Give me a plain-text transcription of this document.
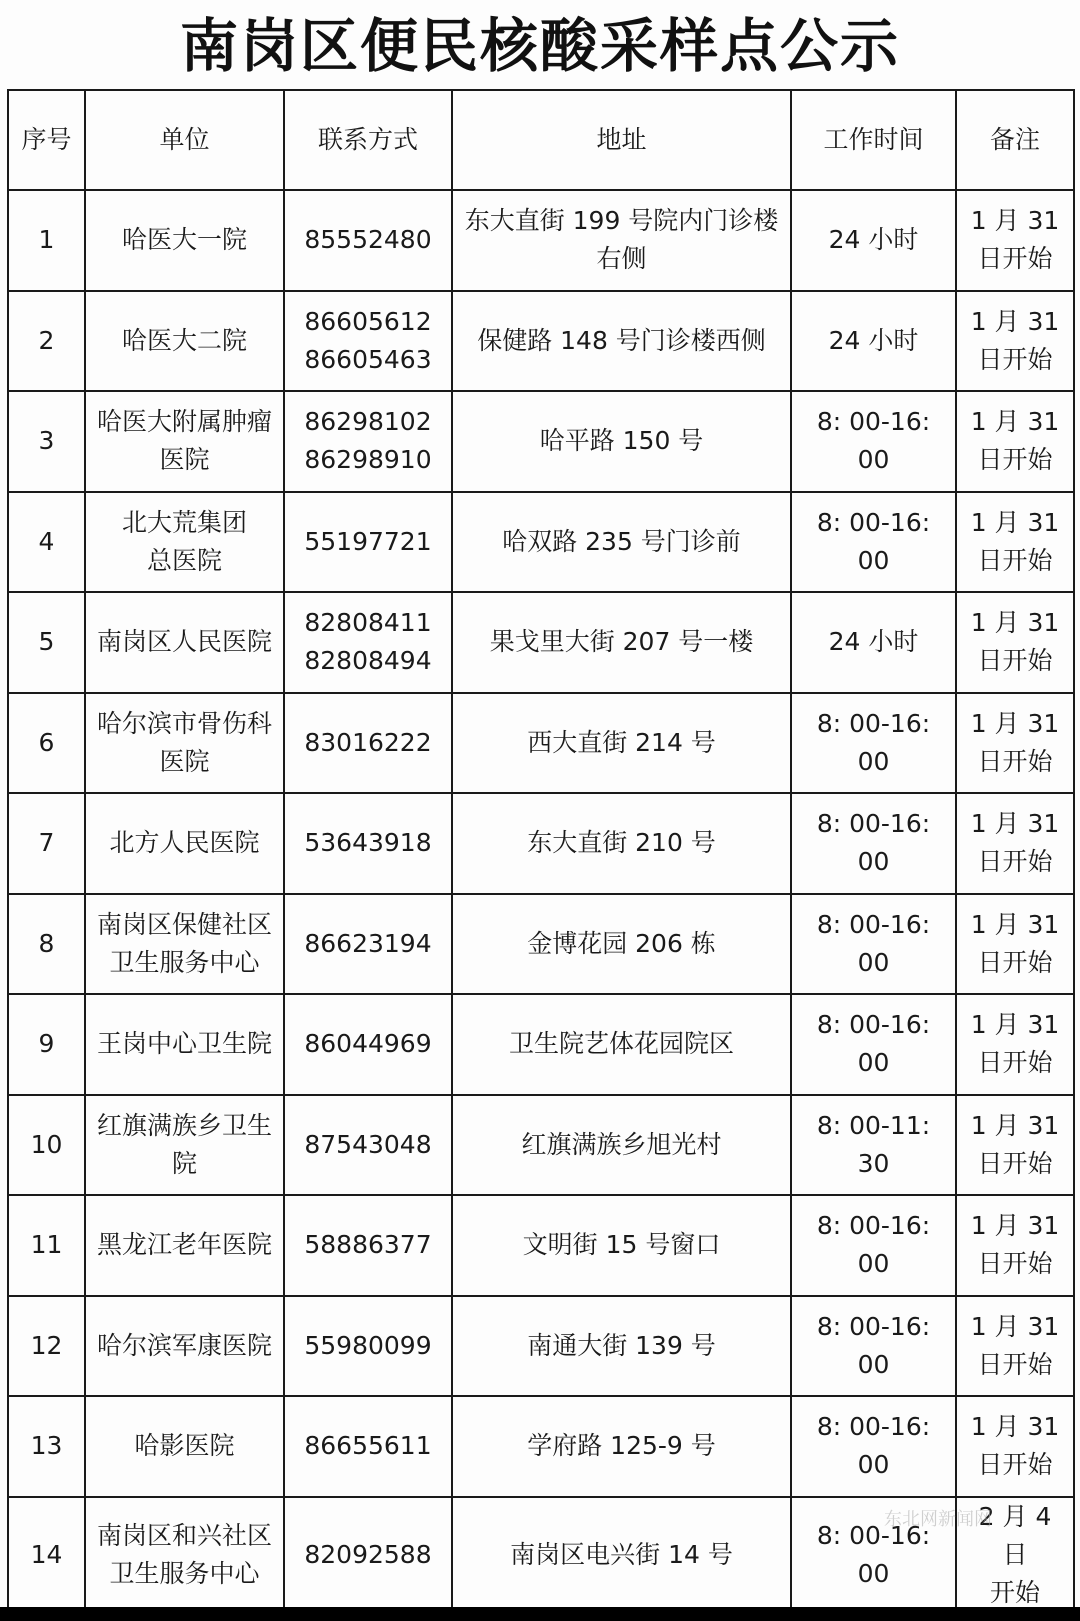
南岗区便民核酸采样点公示
序号	单位	联系方式	地址	工作时间	备注
1	哈医大一院	85552480	东大直街 199 号院内门诊楼
右侧	24 小时	1 月 31
日开始

2	哈医大二院	86605612
86605463	保健路 148 号门诊楼西侧	24 小时	1 月 31
日开始

3	哈医大附属肿瘤
医院	86298102
86298910	哈平路 150 号	8: 00-16:
00	1 月 31
日开始

4	北大荒集团
总医院	55197721	哈双路 235 号门诊前	8: 00-16:
00	1 月 31
日开始

5	南岗区人民医院	82808411
82808494	果戈里大街 207 号一楼	24 小时	1 月 31
日开始

6	哈尔滨市骨伤科
医院	83016222	西大直街 214 号	8: 00-16:
00	1 月 31
日开始

7	北方人民医院	53643918	东大直街 210 号	8: 00-16:
00	1 月 31
日开始

8	南岗区保健社区
卫生服务中心	86623194	金博花园 206 栋	8: 00-16:
00	1 月 31
日开始

9	王岗中心卫生院	86044969	卫生院艺体花园院区	8: 00-16:
00	1 月 31
日开始

10	红旗满族乡卫生
院	87543048	红旗满族乡旭光村	8: 00-11:
30	1 月 31
日开始

11	黑龙江老年医院	58886377	文明街 15 号窗口	8: 00-16:
00	1 月 31
日开始

12	哈尔滨军康医院	55980099	南通大街 139 号	8: 00-16:
00	1 月 31
日开始

13	哈影医院	86655611	学府路 125-9 号	8: 00-16:
00	1 月 31
日开始

14	南岗区和兴社区
卫生服务中心	82092588	南岗区电兴街 14 号	8: 00-16:
00	2 月 4 日
开始
东北网新闻网
